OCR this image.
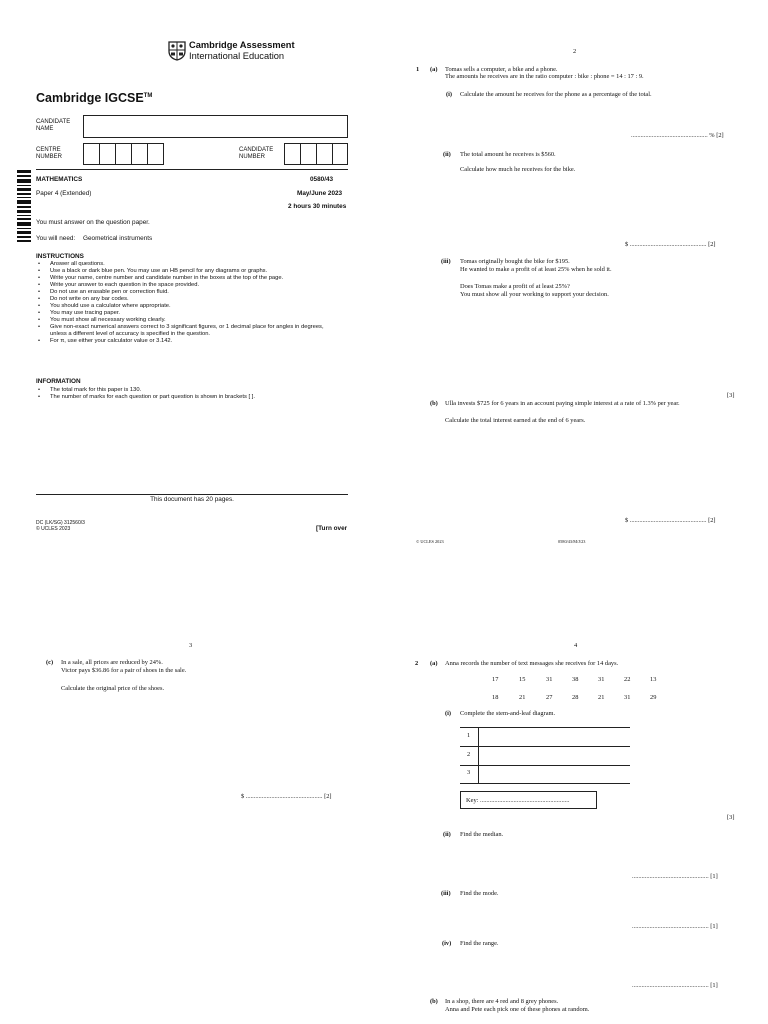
Cambridge Assessment
International Education
Cambridge IGCSE™
CANDIDATE
NAME
CENTRE
NUMBER
CANDIDATE
NUMBER
MATHEMATICS	0580/43
Paper 4 (Extended)	May/June 2023
2 hours 30 minutes
You must answer on the question paper.
You will need: Geometrical instruments
INSTRUCTIONS
• Answer all questions.
• Use a black or dark blue pen. You may use an HB pencil for any diagrams or graphs.
• Write your name, centre number and candidate number in the boxes at the top of the page.
• Write your answer to each question in the space provided.
• Do not use an erasable pen or correction fluid.
• Do not write on any bar codes.
• You should use a calculator where appropriate.
• You may use tracing paper.
• You must show all necessary working clearly.
• Give non-exact numerical answers correct to 3 significant figures, or 1 decimal place for angles in degrees, unless a different level of accuracy is specified in the question.
• For π, use either your calculator value or 3.142.
INFORMATION
• The total mark for this paper is 130.
• The number of marks for each question or part question is shown in brackets [ ].
This document has 20 pages.
DC (LK/SG) 312560/3
© UCLES 2023	[Turn over
2
1 (a) Tomas sells a computer, a bike and a phone.
The amounts he receives are in the ratio computer : bike : phone = 14 : 17 : 9.
(i) Calculate the amount he receives for the phone as a percentage of the total.
................................................ % [2]
(ii) The total amount he receives is $560.
Calculate how much he receives for the bike.
$ ................................................ [2]
(iii) Tomas originally bought the bike for $195.
He wanted to make a profit of at least 25% when he sold it.
Does Tomas make a profit of at least 25%?
You must show all your working to support your decision.
[3]
(b) Ulla invests $725 for 6 years in an account paying simple interest at a rate of 1.3% per year.
Calculate the total interest earned at the end of 6 years.
$ ................................................ [2]
© UCLES 2023	0580/43/M/J/23
3
(c) In a sale, all prices are reduced by 24%.
Victor pays $36.86 for a pair of shoes in the sale.
Calculate the original price of the shoes.
$ ................................................ [2]
4
2 (a) Anna records the number of text messages she receives for 14 days.
17	15	31	38	31	22	13
18	21	27	28	21	31	29
(i) Complete the stem-and-leaf diagram.
1
2
3
Key: ........................................................
[3]
(ii) Find the median.
................................................ [1]
(iii) Find the mode.
................................................ [1]
(iv) Find the range.
................................................ [1]
(b) In a shop, there are 4 red and 8 grey phones.
Anna and Pete each pick one of these phones at random.
